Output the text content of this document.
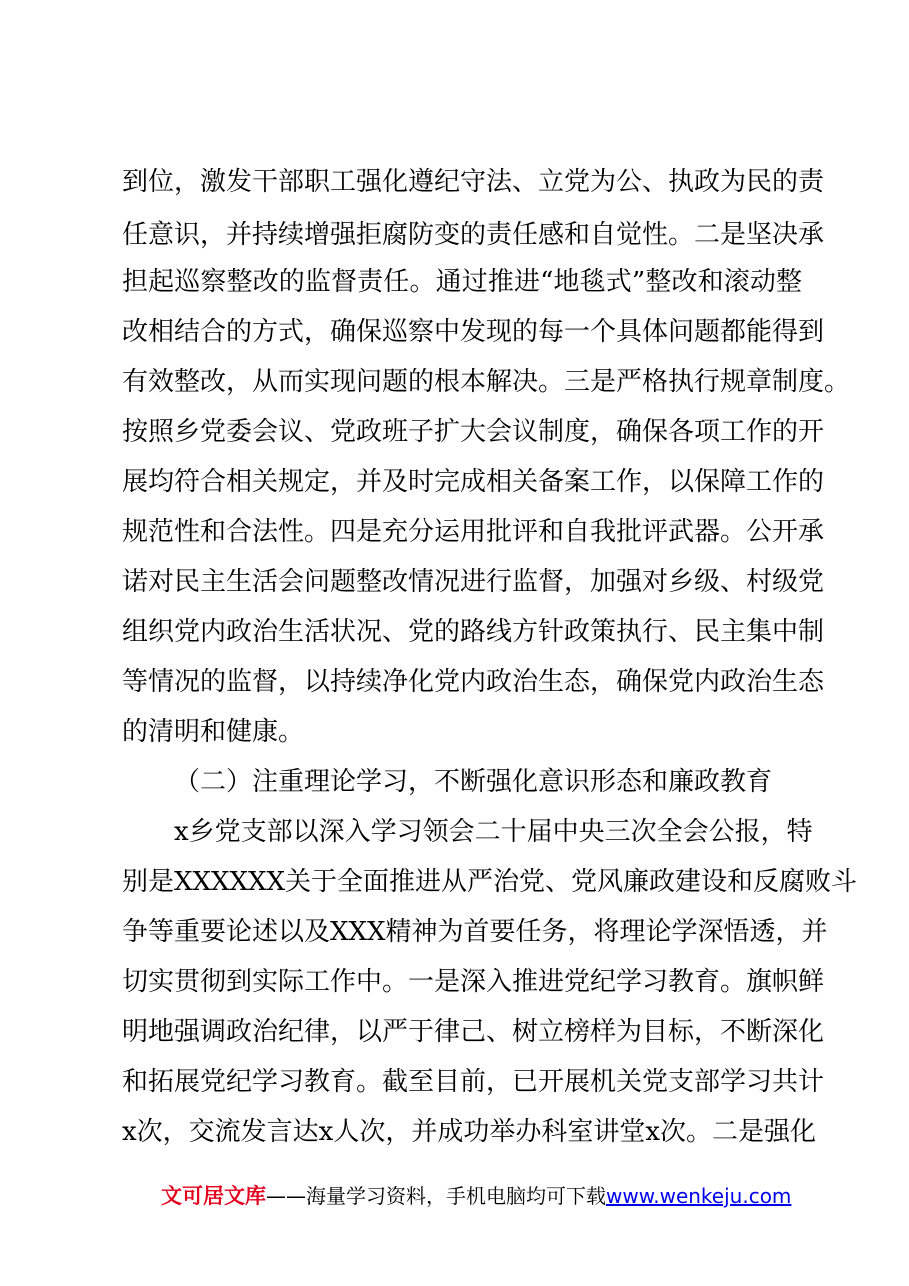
到位，激发干部职工强化遵纪守法、立党为公、执政为民的责
任意识，并持续增强拒腐防变的责任感和自觉性。二是坚决承
担起巡察整改的监督责任。通过推进“地毯式”整改和滚动整
改相结合的方式，确保巡察中发现的每一个具体问题都能得到
有效整改，从而实现问题的根本解决。三是严格执行规章制度。
按照乡党委会议、党政班子扩大会议制度，确保各项工作的开
展均符合相关规定，并及时完成相关备案工作，以保障工作的
规范性和合法性。四是充分运用批评和自我批评武器。公开承
诺对民主生活会问题整改情况进行监督，加强对乡级、村级党
组织党内政治生活状况、党的路线方针政策执行、民主集中制
等情况的监督，以持续净化党内政治生态，确保党内政治生态
的清明和健康。
（二）注重理论学习，不断强化意识形态和廉政教育
x乡党支部以深入学习领会二十届中央三次全会公报，特
别是XXXXXX关于全面推进从严治党、党风廉政建设和反腐败斗
争等重要论述以及XXX精神为首要任务，将理论学深悟透，并
切实贯彻到实际工作中。一是深入推进党纪学习教育。旗帜鲜
明地强调政治纪律，以严于律己、树立榜样为目标，不断深化
和拓展党纪学习教育。截至目前，已开展机关党支部学习共计
x次，交流发言达x人次，并成功举办科室讲堂x次。二是强化
文可居文库——海量学习资料，手机电脑均可下载www.wenkeju.com
